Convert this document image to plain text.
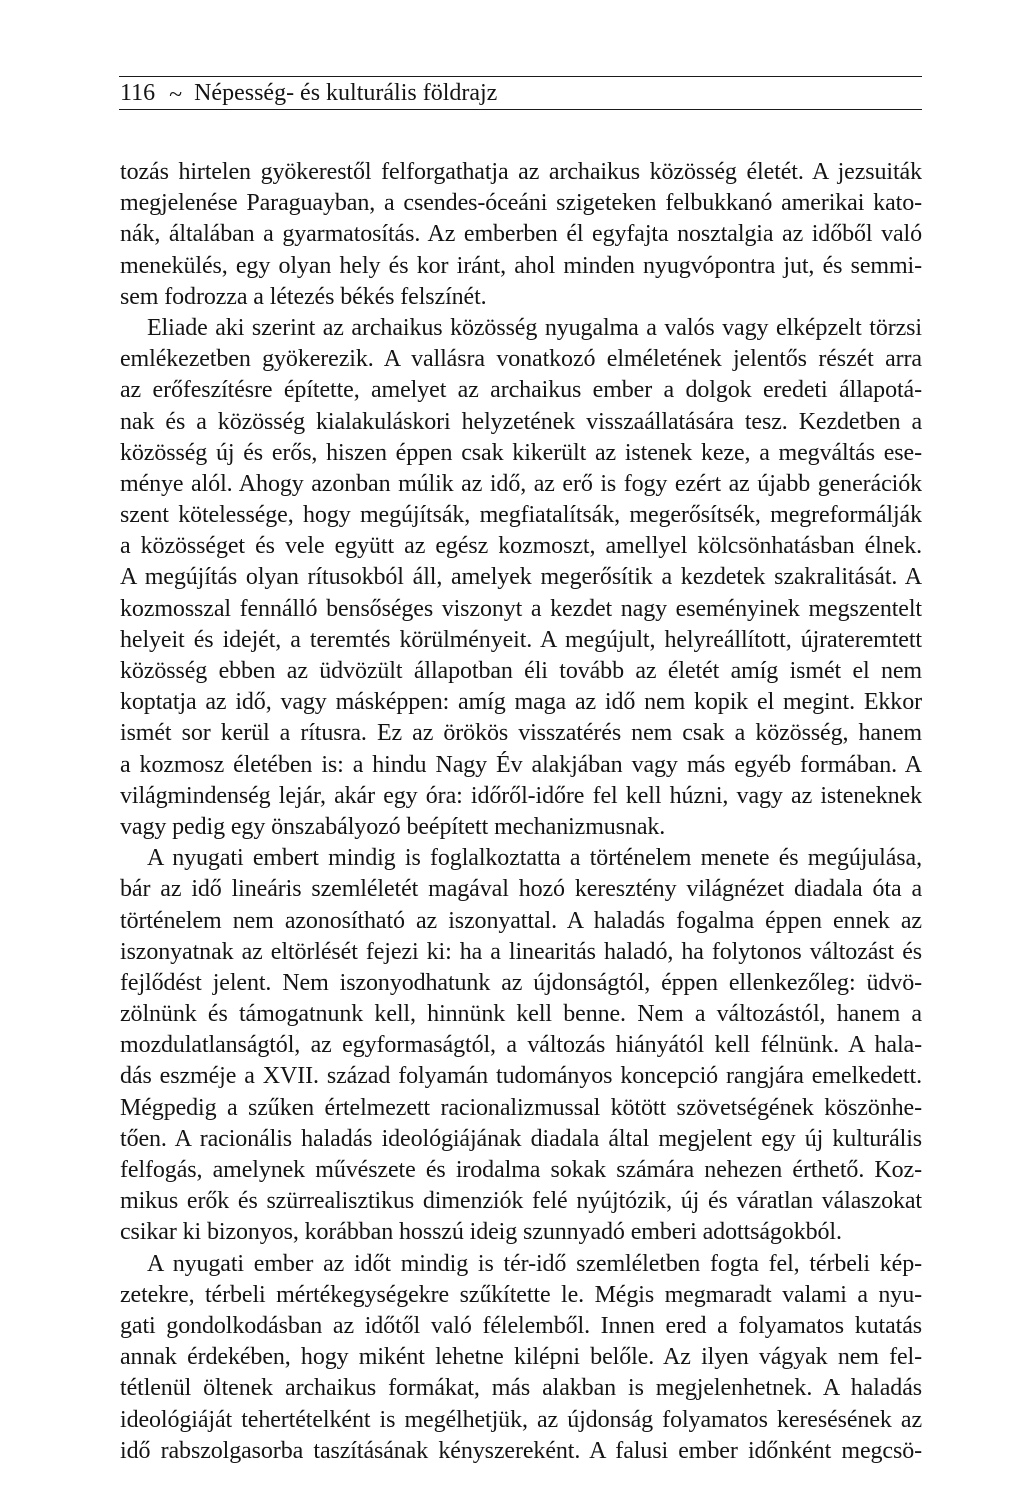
116 ~ Népesség- és kulturális földrajz
tozás hirtelen gyökerestől felforgathatja az archaikus közösség életét. A jezsuiták
megjelenése Paraguayban, a csendes-óceáni szigeteken felbukkanó amerikai kato-
nák, általában a gyarmatosítás. Az emberben él egyfajta nosztalgia az időből való
menekülés, egy olyan hely és kor iránt, ahol minden nyugvópontra jut, és semmi-
sem fodrozza a létezés békés felszínét.
Eliade aki szerint az archaikus közösség nyugalma a valós vagy elképzelt törzsi
emlékezetben gyökerezik. A vallásra vonatkozó elméletének jelentős részét arra
az erőfeszítésre építette, amelyet az archaikus ember a dolgok eredeti állapotá-
nak és a közösség kialakuláskori helyzetének visszaállatására tesz. Kezdetben a
közösség új és erős, hiszen éppen csak kikerült az istenek keze, a megváltás ese-
ménye alól. Ahogy azonban múlik az idő, az erő is fogy ezért az újabb generációk
szent kötelessége, hogy megújítsák, megfiatalítsák, megerősítsék, megreformálják
a közösséget és vele együtt az egész kozmoszt, amellyel kölcsönhatásban élnek.
A megújítás olyan rítusokból áll, amelyek megerősítik a kezdetek szakralitását. A
kozmosszal fennálló bensőséges viszonyt a kezdet nagy eseményinek megszentelt
helyeit és idejét, a teremtés körülményeit. A megújult, helyreállított, újrateremtett
közösség ebben az üdvözült állapotban éli tovább az életét amíg ismét el nem
koptatja az idő, vagy másképpen: amíg maga az idő nem kopik el megint. Ekkor
ismét sor kerül a rítusra. Ez az örökös visszatérés nem csak a közösség, hanem
a kozmosz életében is: a hindu Nagy Év alakjában vagy más egyéb formában. A
világmindenség lejár, akár egy óra: időről-időre fel kell húzni, vagy az isteneknek
vagy pedig egy önszabályozó beépített mechanizmusnak.
A nyugati embert mindig is foglalkoztatta a történelem menete és megújulása,
bár az idő lineáris szemléletét magával hozó keresztény világnézet diadala óta a
történelem nem azonosítható az iszonyattal. A haladás fogalma éppen ennek az
iszonyatnak az eltörlését fejezi ki: ha a linearitás haladó, ha folytonos változást és
fejlődést jelent. Nem iszonyodhatunk az újdonságtól, éppen ellenkezőleg: üdvö-
zölnünk és támogatnunk kell, hinnünk kell benne. Nem a változástól, hanem a
mozdulatlanságtól, az egyformaságtól, a változás hiányától kell félnünk. A hala-
dás eszméje a XVII. század folyamán tudományos koncepció rangjára emelkedett.
Mégpedig a szűken értelmezett racionalizmussal kötött szövetségének köszönhe-
tően. A racionális haladás ideológiájának diadala által megjelent egy új kulturális
felfogás, amelynek művészete és irodalma sokak számára nehezen érthető. Koz-
mikus erők és szürrealisztikus dimenziók felé nyújtózik, új és váratlan válaszokat
csikar ki bizonyos, korábban hosszú ideig szunnyadó emberi adottságokból.
A nyugati ember az időt mindig is tér-idő szemléletben fogta fel, térbeli kép-
zetekre, térbeli mértékegységekre szűkítette le. Mégis megmaradt valami a nyu-
gati gondolkodásban az időtől való félelemből. Innen ered a folyamatos kutatás
annak érdekében, hogy miként lehetne kilépni belőle. Az ilyen vágyak nem fel-
tétlenül öltenek archaikus formákat, más alakban is megjelenhetnek. A haladás
ideológiáját tehertételként is megélhetjük, az újdonság folyamatos keresésének az
idő rabszolgasorba taszításának kényszereként. A falusi ember időnként megcsö-
